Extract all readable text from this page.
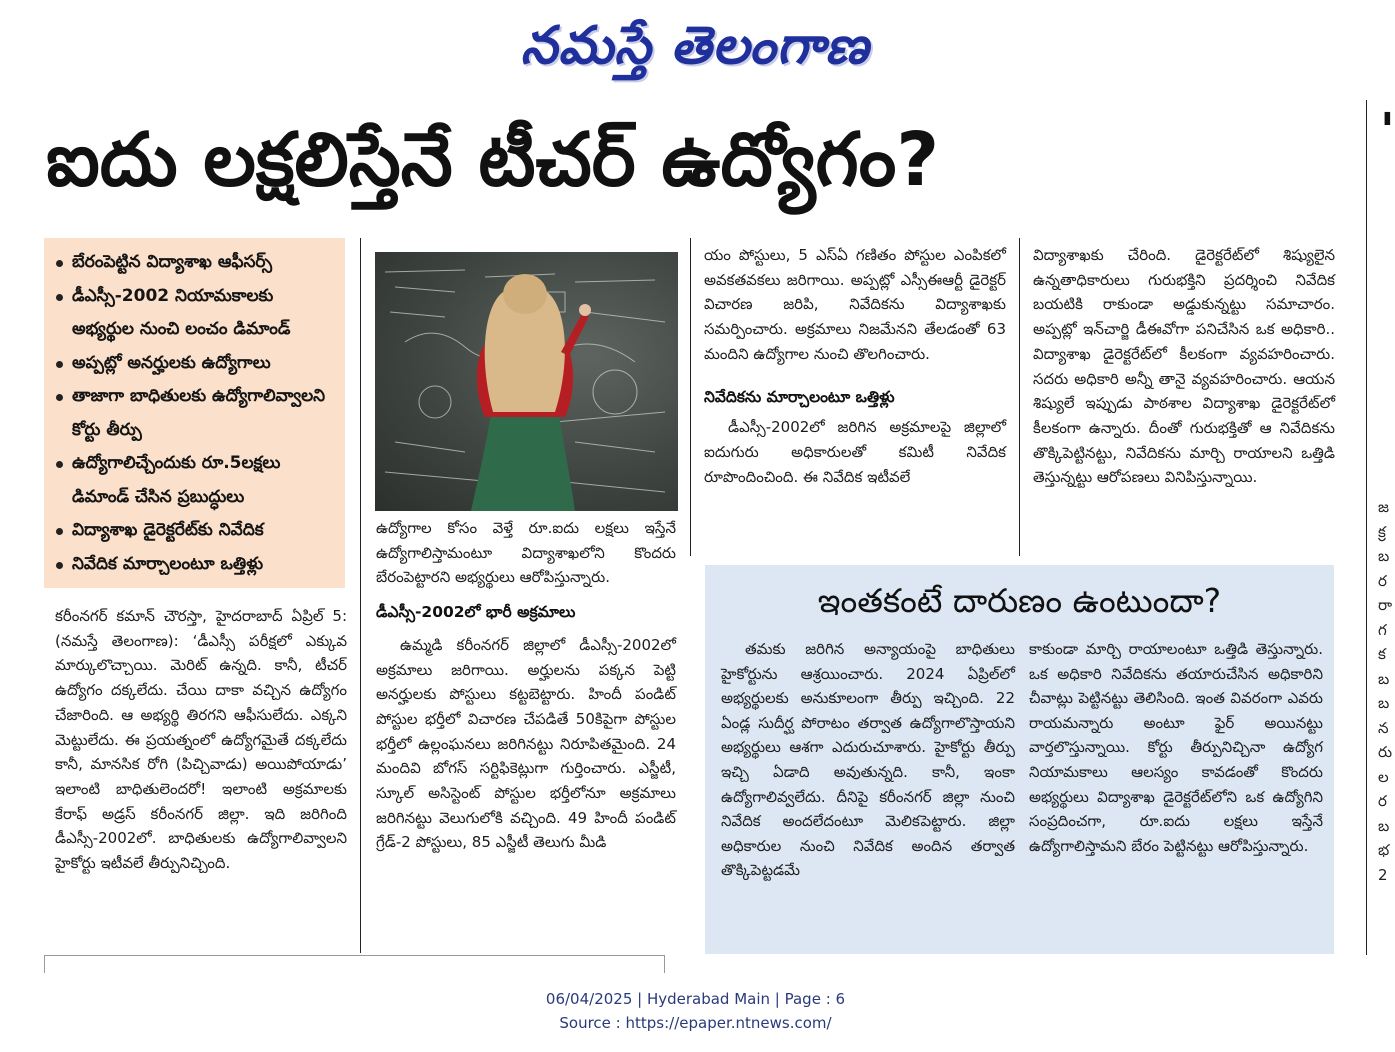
నమస్తే తెలంగాణ
ఐదు లక్షలిస్తేనే టీచర్ ఉద్యోగం?	'
బేరంపెట్టిన విద్యాశాఖ ఆఫీసర్స్
డీఎస్సీ-2002 నియామకాలకు అభ్యర్థుల నుంచి లంచం డిమాండ్
అప్పట్లో అనర్హులకు ఉద్యోగాలు
తాజాగా బాధితులకు ఉద్యోగాలివ్వాలని కోర్టు తీర్పు
ఉద్యోగాలిచ్చేందుకు రూ.5లక్షలు డిమాండ్ చేసిన ప్రబుద్ధులు
విద్యాశాఖ డైరెక్టరేట్‌కు నివేదిక
నివేదిక మార్చాలంటూ ఒత్తిళ్లు

కరీంనగర్ కమాన్ చౌరస్తా, హైదరాబాద్ ఏప్రిల్ 5: (నమస్తే తెలంగాణ): ‘డీఎస్సీ పరీక్షలో ఎక్కువ మార్కులొచ్చాయి. మెరిట్ ఉన్నది. కానీ, టీచర్ ఉద్యోగం దక్కలేదు. చేయి దాకా వచ్చిన ఉద్యోగం చేజారింది. ఆ అభ్యర్థి తిరగని ఆఫీసులేదు. ఎక్కని మెట్టులేదు. ఈ ప్రయత్నంలో ఉద్యోగమైతే దక్కలేదు కానీ, మానసిక రోగి (పిచ్చివాడు) అయిపోయాడు’ ఇలాంటి బాధితులెందరో! ఇలాంటి అక్రమాలకు కేరాఫ్ అడ్రస్ కరీంనగర్ జిల్లా. ఇది జరిగింది డీఎస్సీ-2002లో. బాధితులకు ఉద్యోగాలివ్వాలని హైకోర్టు ఇటీవలే తీర్పునిచ్చింది.

ఉద్యోగాల కోసం వెళ్తే రూ.ఐదు లక్షలు ఇస్తేనే ఉద్యోగాలిస్తామంటూ విద్యాశాఖలోని కొందరు బేరంపెట్టారని అభ్యర్థులు ఆరోపిస్తున్నారు.

డీఎస్సీ-2002లో భారీ అక్రమాలు

ఉమ్మడి కరీంనగర్ జిల్లాలో డీఎస్సీ-2002లో అక్రమాలు జరిగాయి. అర్హులను పక్కన పెట్టి అనర్హులకు పోస్టులు కట్టబెట్టారు. హిందీ పండిట్ పోస్టుల భర్తీలో విచారణ చేపడితే 50కిపైగా పోస్టుల భర్తీలో ఉల్లంఘనలు జరిగినట్టు నిరూపితమైంది. 24 మందివి బోగస్ సర్టిఫికెట్లుగా గుర్తించారు. ఎస్జీటీ, స్కూల్ అసిస్టెంట్ పోస్టుల భర్తీలోనూ అక్రమాలు జరిగినట్టు వెలుగులోకి వచ్చింది. 49 హిందీ పండిట్ గ్రేడ్-2 పోస్టులు, 85 ఎస్జీటీ తెలుగు మీడి

యం పోస్టులు, 5 ఎస్ఏ గణితం పోస్టుల ఎంపికలో అవకతవకలు జరిగాయి. అప్పట్లో ఎస్సీఈఆర్టీ డైరెక్టర్ విచారణ జరిపి, నివేదికను విద్యాశాఖకు సమర్పించారు. అక్రమాలు నిజమేనని తేలడంతో 63 మందిని ఉద్యోగాల నుంచి తొలగించారు.

నివేదికను మార్చాలంటూ ఒత్తిళ్లు

డీఎస్సీ-2002లో జరిగిన అక్రమాలపై జిల్లాలో ఐదుగురు అధికారులతో కమిటీ నివేదిక రూపొందించింది. ఈ నివేదిక ఇటీవలే

విద్యాశాఖకు చేరింది. డైరెక్టరేట్‌లో శిష్యులైన ఉన్నతాధికారులు గురుభక్తిని ప్రదర్శించి నివేదిక బయటికి రాకుండా అడ్డుకున్నట్టు సమాచారం. అప్పట్లో ఇన్‌చార్జి డీఈవోగా పనిచేసిన ఒక అధికారి.. విద్యాశాఖ డైరెక్టరేట్‌లో కీలకంగా వ్యవహరించారు. సదరు అధికారి అన్నీ తానై వ్యవహరించారు. ఆయన శిష్యులే ఇప్పుడు పాఠశాల విద్యాశాఖ డైరెక్టరేట్‌లో కీలకంగా ఉన్నారు. దీంతో గురుభక్తితో ఆ నివేదికను తొక్కిపెట్టినట్టు, నివేదికను మార్చి రాయాలని ఒత్తిడి తెస్తున్నట్టు ఆరోపణలు వినిపిస్తున్నాయి.

ఇంతకంటే దారుణం ఉంటుందా?
తమకు జరిగిన అన్యాయంపై బాధితులు హైకోర్టును ఆశ్రయించారు. 2024 ఏప్రిల్‌లో అభ్యర్థులకు అనుకూలంగా తీర్పు ఇచ్చింది. 22 ఏండ్ల సుదీర్ఘ పోరాటం తర్వాత ఉద్యోగాలొస్తాయని అభ్యర్థులు ఆశగా ఎదురుచూశారు. హైకోర్టు తీర్పు ఇచ్చి ఏడాది అవుతున్నది. కానీ, ఇంకా ఉద్యోగాలివ్వలేదు. దీనిపై కరీంనగర్ జిల్లా నుంచి నివేదిక అందలేదంటూ మెలికపెట్టారు. జిల్లా అధికారుల నుంచి నివేదిక అందిన తర్వాత తొక్కిపెట్టడమే
కాకుండా మార్చి రాయాలంటూ ఒత్తిడి తెస్తున్నారు. ఒక అధికారి నివేదికను తయారుచేసిన అధికారిని చీవాట్లు పెట్టినట్టు తెలిసింది. ఇంత వివరంగా ఎవరు రాయమన్నారు అంటూ ఫైర్ అయినట్టు వార్తలొస్తున్నాయి. కోర్టు తీర్పునిచ్చినా ఉద్యోగ నియామకాలు ఆలస్యం కావడంతో కొందరు అభ్యర్థులు విద్యాశాఖ డైరెక్టరేట్‌లోని ఒక ఉద్యోగిని సంప్రదించగా, రూ.ఐదు లక్షలు ఇస్తేనే ఉద్యోగాలిస్తామని బేరం పెట్టినట్టు ఆరోపిస్తున్నారు.
జ
క్ర
బ
ర
రా
గ
క
బ
బ
న
రు
ల
ర
బ
భ
2
06/04/2025 | Hyderabad Main | Page : 6
Source : https://epaper.ntnews.com/
